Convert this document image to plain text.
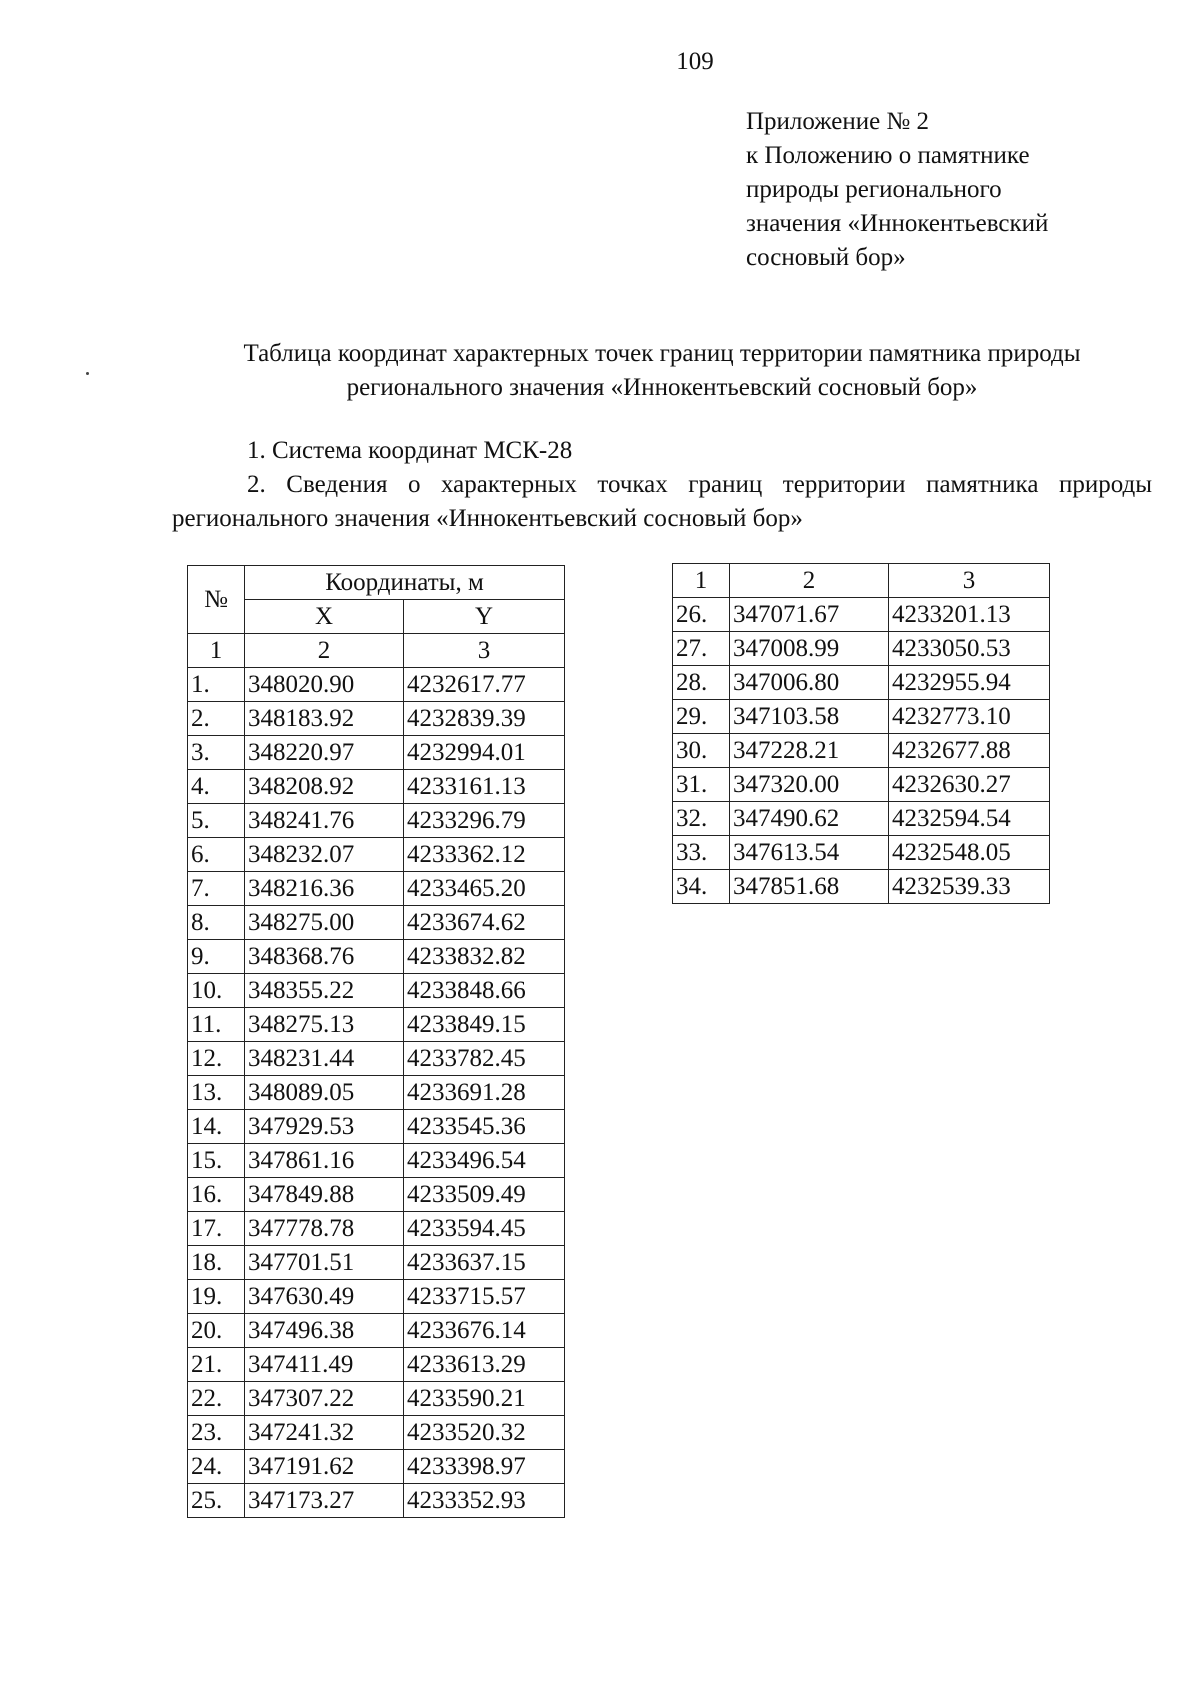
109
Приложение № 2
к Положению о памятнике
природы регионального
значения «Иннокентьевский
сосновый бор»
Таблица координат характерных точек границ территории памятника природы
регионального значения «Иннокентьевский сосновый бор»
1. Система координат МСК-28
2. Сведения о характерных точках границ территории памятника природы регионального значения «Иннокентьевский сосновый бор»
№	Координаты, м	
	X	Y
1	2	3
1.	348020.90	4232617.77
2.	348183.92	4232839.39
3.	348220.97	4232994.01
4.	348208.92	4233161.13
5.	348241.76	4233296.79
6.	348232.07	4233362.12
7.	348216.36	4233465.20
8.	348275.00	4233674.62
9.	348368.76	4233832.82
10.	348355.22	4233848.66
11.	348275.13	4233849.15
12.	348231.44	4233782.45
13.	348089.05	4233691.28
14.	347929.53	4233545.36
15.	347861.16	4233496.54
16.	347849.88	4233509.49
17.	347778.78	4233594.45
18.	347701.51	4233637.15
19.	347630.49	4233715.57
20.	347496.38	4233676.14
21.	347411.49	4233613.29
22.	347307.22	4233590.21
23.	347241.32	4233520.32
24.	347191.62	4233398.97
25.	347173.27	4233352.93
1	2	3
26.	347071.67	4233201.13
27.	347008.99	4233050.53
28.	347006.80	4232955.94
29.	347103.58	4232773.10
30.	347228.21	4232677.88
31.	347320.00	4232630.27
32.	347490.62	4232594.54
33.	347613.54	4232548.05
34.	347851.68	4232539.33
